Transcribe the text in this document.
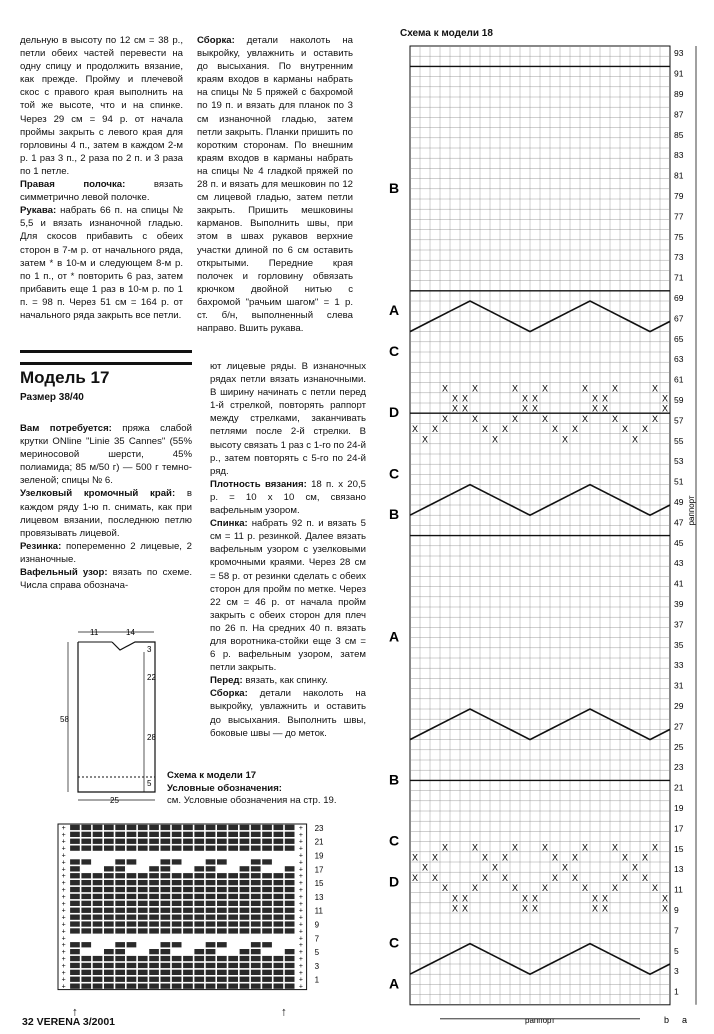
дельную в высоту по 12 см = 38 р., петли обеих частей перевести на одну спицу и продолжить вязание, как прежде. Пройму и плечевой скос с правого края выполнить на той же высоте, что и на спинке. Через 29 см = 94 р. от начала проймы закрыть с левого края для горловины 4 п., затем в каждом 2-м р. 1 раз 3 п., 2 раза по 2 п. и 3 раза по 1 петле.

Правая полочка: вязать симметрично левой полочке.

Рукава: набрать 66 п. на спицы № 5,5 и вязать изнаночной гладью. Для скосов прибавить с обеих сторон в 7-м р. от начального ряда, затем * в 10-м и следующем 8-м р. по 1 п., от * повторить 6 раз, затем прибавить еще 1 раз в 10-м р. по 1 п. = 98 п. Через 51 см = 164 р. от начального ряда закрыть все петли.

Сборка: детали наколоть на выкройку, увлажнить и оставить до высыхания. По внутренним краям входов в карманы набрать на спицы № 5 пряжей с бахромой по 19 п. и вязать для планок по 3 см изнаночной гладью, затем петли закрыть. Планки пришить по коротким сторонам. По внешним краям входов в карманы набрать на спицы № 4 гладкой пряжей по 28 п. и вязать для мешковин по 12 см лицевой гладью, затем петли закрыть. Пришить мешковины карманов. Выполнить швы, при этом в швах рукавов верхние участки длиной по 6 см оставить открытыми. Передние края полочек и горловину обвязать крючком двойной нитью с бахромой "рачьим шагом" = 1 р. ст. б/н, выполненный слева направо. Вшить рукава.

Модель 17
Размер 38/40

Вам потребуется: пряжа слабой крутки ONline "Linie 35 Cannes" (55% мериносовой шерсти, 45% полиамида; 85 м/50 г) — 500 г темно-зеленой; спицы № 6.

Узелковый кромочный край: в каждом ряду 1-ю п. снимать, как при лицевом вязании, последнюю петлю провязывать лицевой.

Резинка: попеременно 2 лицевые, 2 изнаночные.

Вафельный узор: вязать по схеме. Числа справа обознача-

ют лицевые ряды. В изнаночных рядах петли вязать изнаночными. В ширину начинать с петли перед 1-й стрелкой, повторять раппорт между стрелками, заканчивать петлями после 2-й стрелки. В высоту связать 1 раз с 1-го по 24-й р., затем повторять с 5-го по 24-й ряд.

Плотность вязания: 18 п. х 20,5 р. = 10 х 10 см, связано вафельным узором.

Спинка: набрать 92 п. и вязать 5 см = 11 р. резинкой. Далее вязать вафельным узором с узелковыми кромочными краями. Через 28 см = 58 р. от резинки сделать с обеих сторон для пройм по метке. Через 22 см = 46 р. от начала пройм закрыть с обеих сторон для плеч по 26 п. На средних 40 п. вязать для воротника-стойки еще 3 см = 6 р. вафельным узором, затем петли закрыть.

Перед: вязать, как спинку.

Сборка: детали наколоть на выкройку, увлажнить и оставить до высыхания. Выполнить швы, боковые швы — до меток.

11	14
25
22
28
5
3
58
Схема к модели 17
Условные обозначения:
см. Условные обозначения на стр. 19.
+	+
+	+
+	+
+	+
+	+
+	+
+	+
+	+
+	+
+	+
+	+
+	+
+	+
+	+
+	+
+	+
+	+
+	+
+	+
+	+
+	+
+	+
+	+
+	+
23
21
19
17
15
13
11
9
7
5
3
1
↑	↑
Схема к модели 18
X	X	X	X
X X	X X	X X	X X
X	X	X	X	X	X	X
X X	X X	X X	X
X X	X X	X X	X
X	X	X	X	X	X	X
X X	X X	X X	X
X X	X X	X X	X
X	X	X	X	X	X	X
X X	X X	X X	X X
X	X	X	X
X X	X X	X X	X X
X	X	X	X	X	X	X
93
91
89
87
85
83
81
79
77
75
73
71
69
67
65
63
61
59
57
55
53
51
49
47
45
43
41
39
37
35
33
31
29
27
25
23
21
19
17
15
13
11
9
7
5
3
1
B
A
C
D
C
B
A
B
C
D
C
A
раппорт
раппорт	b a
32 VERENA 3/2001
